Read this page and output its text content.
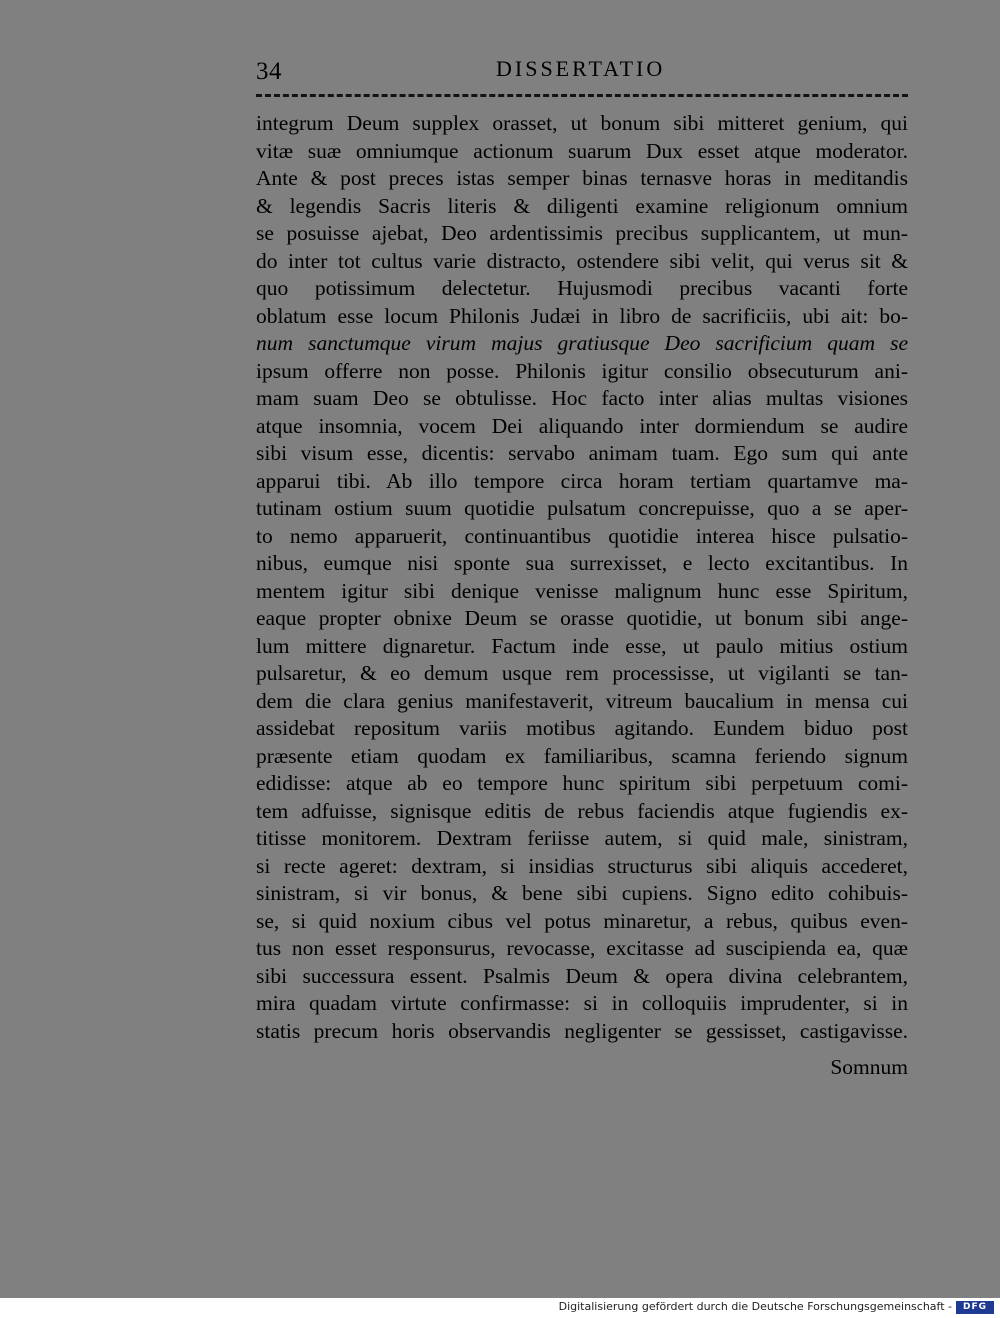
34	DISSERTATIO
integrum Deum supplex orasset, ut bonum sibi mitteret genium, qui
vitæ suæ omniumque actionum suarum Dux esset atque moderator.
Ante & post preces istas semper binas ternasve horas in meditandis
& legendis Sacris literis & diligenti examine religionum omnium
se posuisse ajebat, Deo ardentissimis precibus supplicantem, ut mun-
do inter tot cultus varie distracto, ostendere sibi velit, qui verus sit &
quo potissimum delectetur. Hujusmodi precibus vacanti forte
oblatum esse locum Philonis Judæi in libro de sacrificiis, ubi ait: bo-
num sanctumque virum majus gratiusque Deo sacrificium quam se
ipsum offerre non posse. Philonis igitur consilio obsecuturum ani-
mam suam Deo se obtulisse. Hoc facto inter alias multas visiones
atque insomnia, vocem Dei aliquando inter dormiendum se audire
sibi visum esse, dicentis: servabo animam tuam. Ego sum qui ante
apparui tibi. Ab illo tempore circa horam tertiam quartamve ma-
tutinam ostium suum quotidie pulsatum concrepuisse, quo a se aper-
to nemo apparuerit, continuantibus quotidie interea hisce pulsatio-
nibus, eumque nisi sponte sua surrexisset, e lecto excitantibus. In
mentem igitur sibi denique venisse malignum hunc esse Spiritum,
eaque propter obnixe Deum se orasse quotidie, ut bonum sibi ange-
lum mittere dignaretur. Factum inde esse, ut paulo mitius ostium
pulsaretur, & eo demum usque rem processisse, ut vigilanti se tan-
dem die clara genius manifestaverit, vitreum baucalium in mensa cui
assidebat repositum variis motibus agitando. Eundem biduo post
præsente etiam quodam ex familiaribus, scamna feriendo signum
edidisse: atque ab eo tempore hunc spiritum sibi perpetuum comi-
tem adfuisse, signisque editis de rebus faciendis atque fugiendis ex-
titisse monitorem. Dextram feriisse autem, si quid male, sinistram,
si recte ageret: dextram, si insidias structurus sibi aliquis accederet,
sinistram, si vir bonus, & bene sibi cupiens. Signo edito cohibuis-
se, si quid noxium cibus vel potus minaretur, a rebus, quibus even-
tus non esset responsurus, revocasse, excitasse ad suscipienda ea, quæ
sibi successura essent. Psalmis Deum & opera divina celebrantem,
mira quadam virtute confirmasse: si in colloquiis imprudenter, si in
statis precum horis observandis negligenter se gessisset, castigavisse.
Somnum
Digitalisierung gefördert durch die Deutsche Forschungsgemeinschaft -	DFG
